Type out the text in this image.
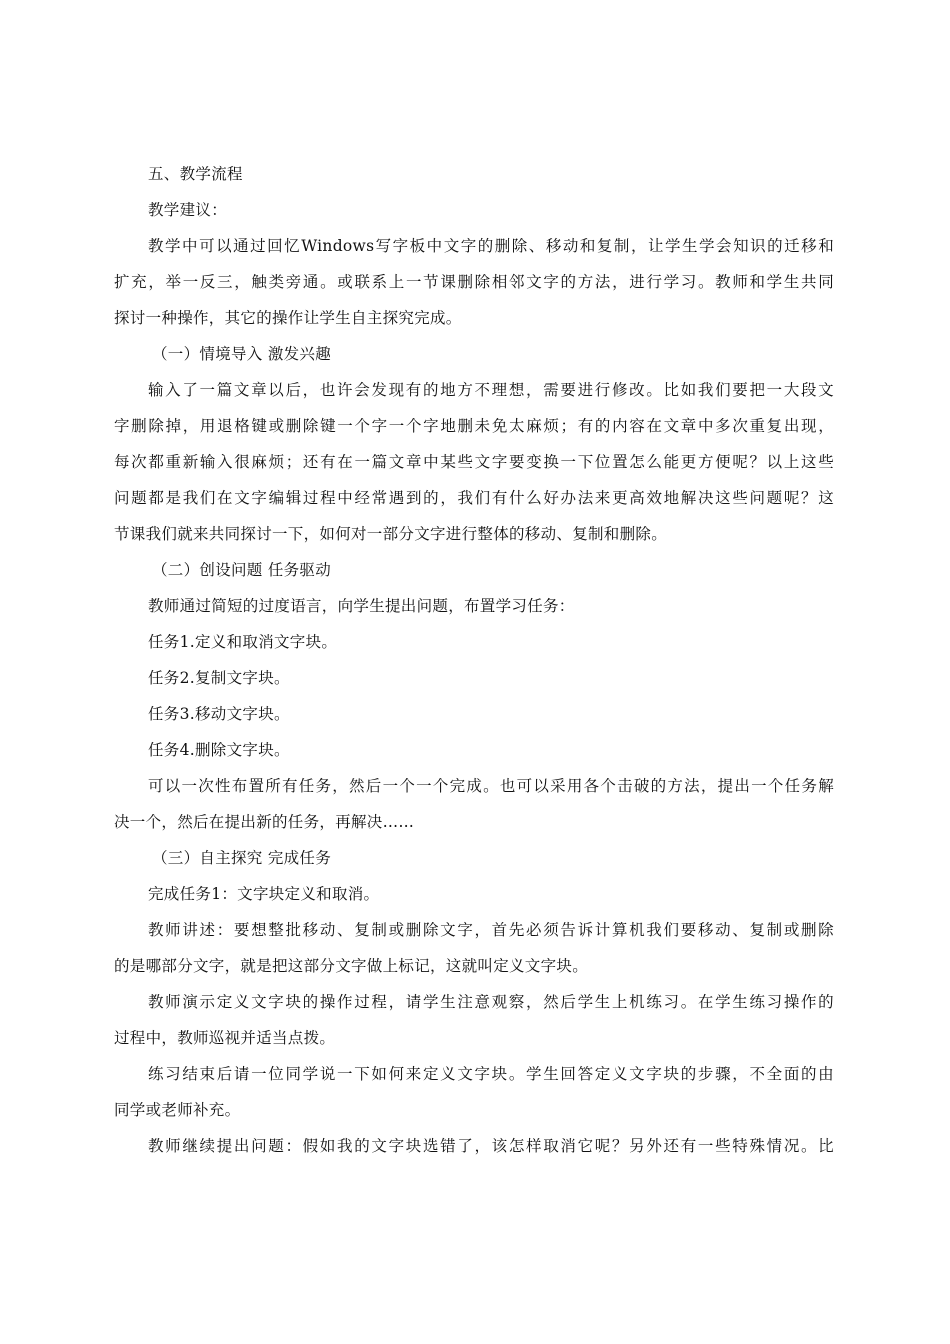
五、教学流程
教学建议：
教学中可以通过回忆Windows写字板中文字的删除、移动和复制，让学生学会知识的迁移和
扩充，举一反三，触类旁通。或联系上一节课删除相邻文字的方法，进行学习。教师和学生共同
探讨一种操作，其它的操作让学生自主探究完成。
（一）情境导入 激发兴趣
输入了一篇文章以后，也许会发现有的地方不理想，需要进行修改。比如我们要把一大段文
字删除掉，用退格键或删除键一个字一个字地删未免太麻烦；有的内容在文章中多次重复出现，
每次都重新输入很麻烦；还有在一篇文章中某些文字要变换一下位置怎么能更方便呢？以上这些
问题都是我们在文字编辑过程中经常遇到的，我们有什么好办法来更高效地解决这些问题呢？这
节课我们就来共同探讨一下，如何对一部分文字进行整体的移动、复制和删除。
（二）创设问题 任务驱动
教师通过简短的过度语言，向学生提出问题，布置学习任务：
任务1.定义和取消文字块。
任务2.复制文字块。
任务3.移动文字块。
任务4.删除文字块。
可以一次性布置所有任务，然后一个一个完成。也可以采用各个击破的方法，提出一个任务解
决一个，然后在提出新的任务，再解决……
（三）自主探究 完成任务
完成任务1：文字块定义和取消。
教师讲述：要想整批移动、复制或删除文字，首先必须告诉计算机我们要移动、复制或删除
的是哪部分文字，就是把这部分文字做上标记，这就叫定义文字块。
教师演示定义文字块的操作过程，请学生注意观察，然后学生上机练习。在学生练习操作的
过程中，教师巡视并适当点拨。
练习结束后请一位同学说一下如何来定义文字块。学生回答定义文字块的步骤，不全面的由
同学或老师补充。
教师继续提出问题：假如我的文字块选错了，该怎样取消它呢？另外还有一些特殊情况。比
